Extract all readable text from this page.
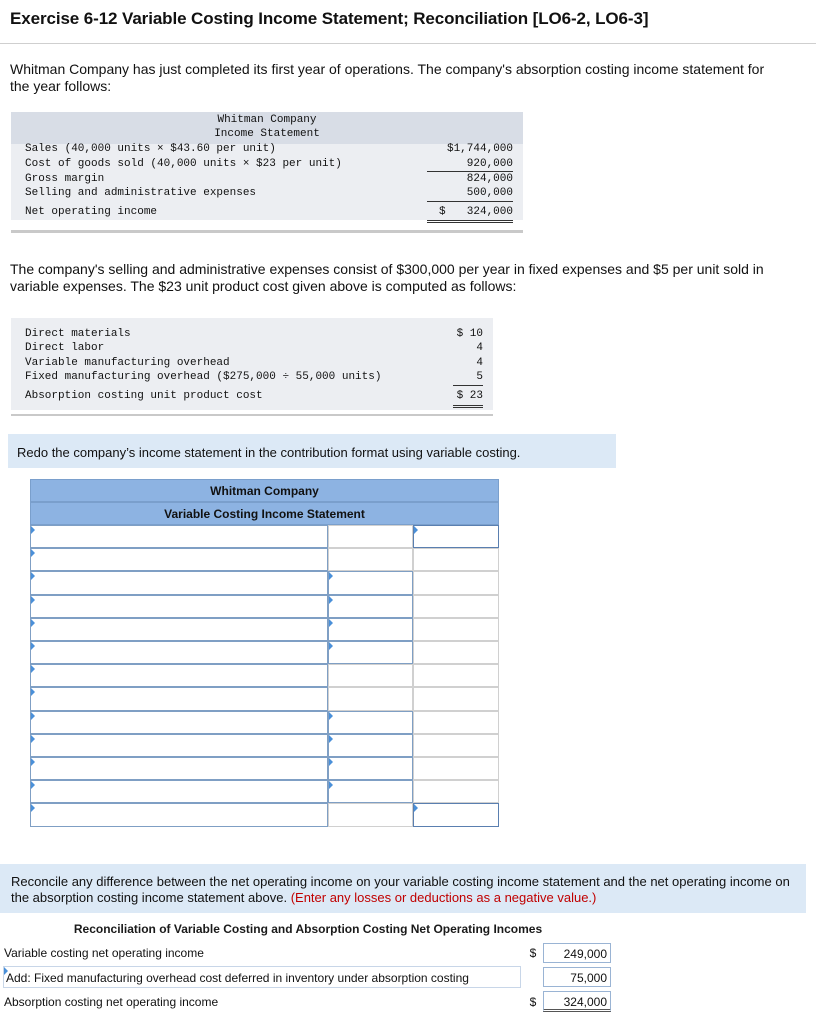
Exercise 6-12 Variable Costing Income Statement; Reconciliation [LO6-2, LO6-3]
Whitman Company has just completed its first year of operations. The company's absorption costing income statement for the year follows:
Whitman Company
Income Statement
Sales (40,000 units × $43.60 per unit)	$1,744,000
Cost of goods sold (40,000 units × $23 per unit)	920,000
Gross margin	824,000
Selling and administrative expenses	500,000
Net operating income	$ 324,000
The company's selling and administrative expenses consist of $300,000 per year in fixed expenses and $5 per unit sold in variable expenses. The $23 unit product cost given above is computed as follows:
Direct materials	$ 10
Direct labor	4
Variable manufacturing overhead	4
Fixed manufacturing overhead ($275,000 ÷ 55,000 units)	5
Absorption costing unit product cost	$ 23
Redo the company’s income statement in the contribution format using variable costing.
Whitman Company
Variable Costing Income Statement
Reconcile any difference between the net operating income on your variable costing income statement and the net operating income on the absorption costing income statement above. (Enter any losses or deductions as a negative value.)
Reconciliation of Variable Costing and Absorption Costing Net Operating Incomes
Variable costing net operating income	$	249,000
Add: Fixed manufacturing overhead cost deferred in inventory under absorption costing	75,000
Absorption costing net operating income	$	324,000
